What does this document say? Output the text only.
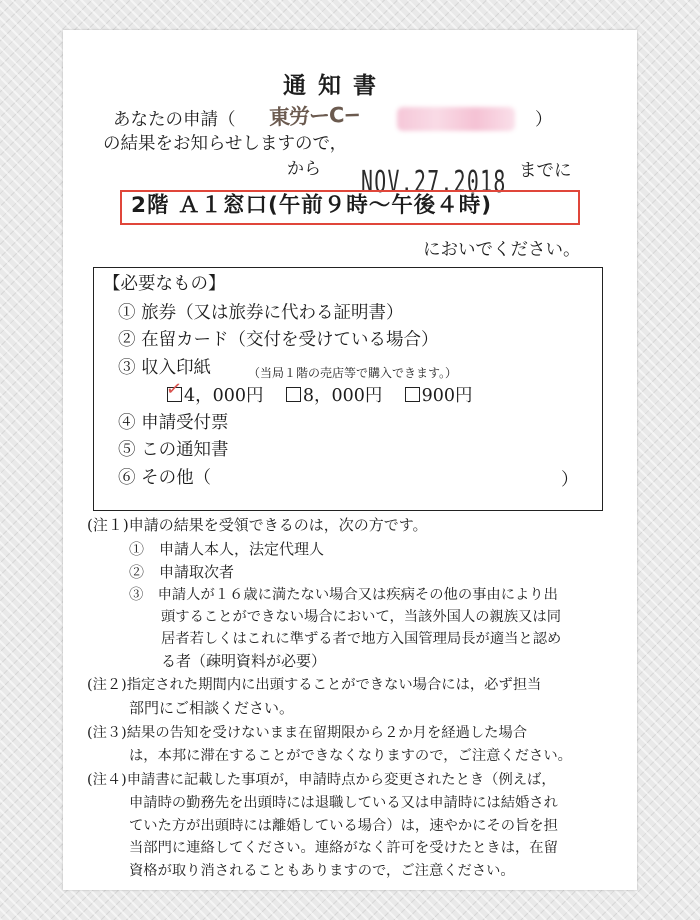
通知書
あなたの申請（ 東労ーC−	）
の結果をお知らせしますので，
から NOV.27.2018 までに
2階 Ａ１窓口(午前９時〜午後４時)
においでください。
【必要なもの】
① 旅券（又は旅券に代わる証明書）
② 在留カード（交付を受けている場合）
③ 収入印紙	（当局１階の売店等で購入できます。）
✓ 4，000円 8，000円 900円
④ 申請受付票
⑤ この通知書
⑥ その他（	）
(注１)申請の結果を受領できるのは，次の方です。
①　申請人本人，法定代理人
②　申請取次者
③　申請人が１６歳に満たない場合又は疾病その他の事由により出
頭することができない場合において，当該外国人の親族又は同
居者若しくはこれに準ずる者で地方入国管理局長が適当と認め
る者（疎明資料が必要）
(注２)指定された期間内に出頭することができない場合には，必ず担当
部門にご相談ください。
(注３)結果の告知を受けないまま在留期限から２か月を経過した場合
は，本邦に滞在することができなくなりますので，ご注意ください。
(注４)申請書に記載した事項が，申請時点から変更されたとき（例えば，
申請時の勤務先を出頭時には退職している又は申請時には結婚され
ていた方が出頭時には離婚している場合）は，速やかにその旨を担
当部門に連絡してください。連絡がなく許可を受けたときは，在留
資格が取り消されることもありますので，ご注意ください。
